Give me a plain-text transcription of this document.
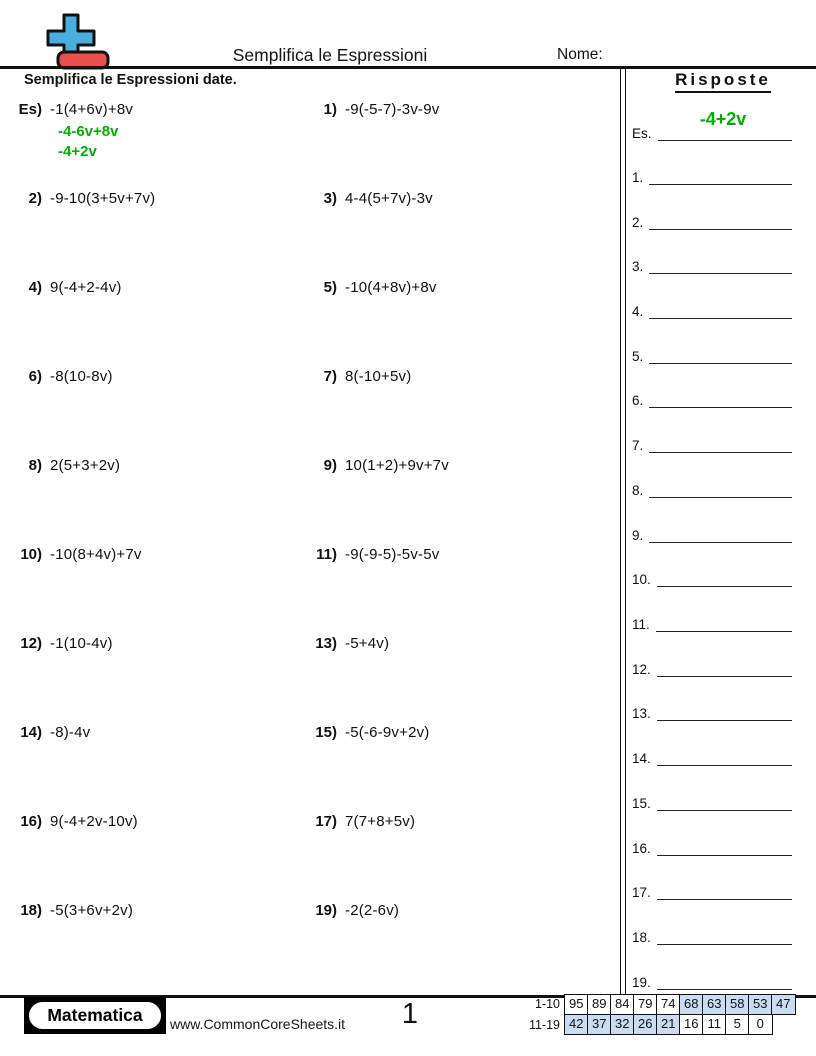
Semplifica le Espressioni	Nome:
Semplifica le Espressioni date.
Es) -1(4+6v)+8v
-4-6v+8v
-4+2v
2) -9-10(3+5v+7v)
4) 9(-4+2-4v)
6) -8(10-8v)
8) 2(5+3+2v)
10) -10(8+4v)+7v
12) -1(10-4v)
14) -8)-4v
16) 9(-4+2v-10v)
18) -5(3+6v+2v)
1) -9(-5-7)-3v-9v
3) 4-4(5+7v)-3v
5) -10(4+8v)+8v
7) 8(-10+5v)
9) 10(1+2)+9v+7v
11) -9(-9-5)-5v-5v
13) -5+4v)
15) -5(-6-9v+2v)
17) 7(7+8+5v)
19) -2(2-6v)
Risposte
Es.
-4+2v
1.
2.
3.
4.
5.
6.
7.
8.
9.
10.
11.
12.
13.
14.
15.
16.
17.
18.
19.
Matematica	www.CommonCoreSheets.it	1	1-10
11-19
95 89 84 79 74 68 63 58 53 47
42 37 32 26 21 16 11 5	0
